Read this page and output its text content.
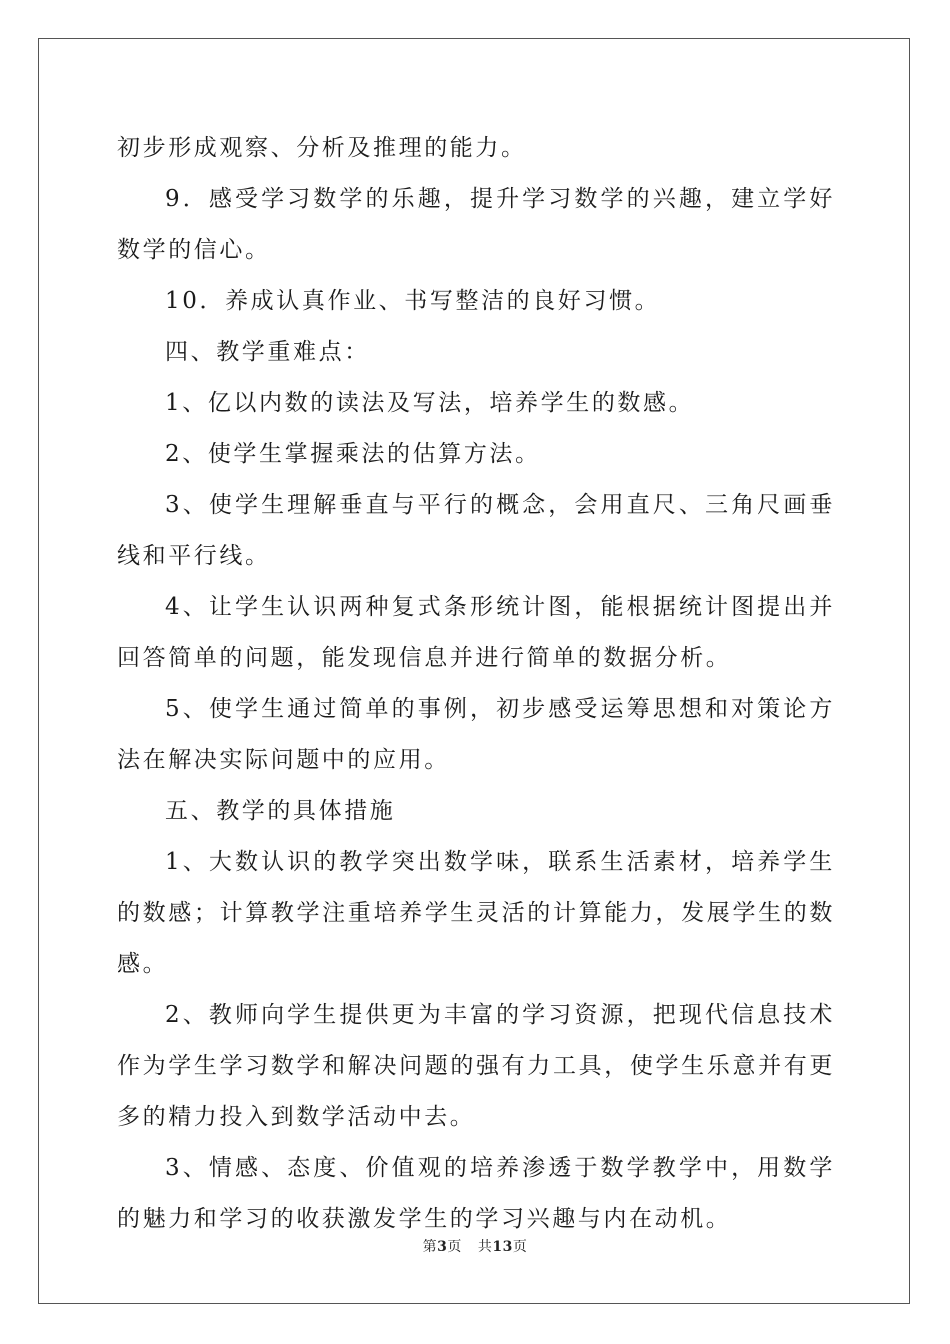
初步形成观察、分析及推理的能力。

9．感受学习数学的乐趣，提升学习数学的兴趣，建立学好数学的信心。

10．养成认真作业、书写整洁的良好习惯。

四、教学重难点：

1、亿以内数的读法及写法，培养学生的数感。

2、使学生掌握乘法的估算方法。

3、使学生理解垂直与平行的概念，会用直尺、三角尺画垂线和平行线。

4、让学生认识两种复式条形统计图，能根据统计图提出并回答简单的问题，能发现信息并进行简单的数据分析。

5、使学生通过简单的事例，初步感受运筹思想和对策论方法在解决实际问题中的应用。

五、教学的具体措施

1、大数认识的教学突出数学味，联系生活素材，培养学生的数感；计算教学注重培养学生灵活的计算能力，发展学生的数感。

2、教师向学生提供更为丰富的学习资源，把现代信息技术作为学生学习数学和解决问题的强有力工具，使学生乐意并有更多的精力投入到数学活动中去。

3、情感、态度、价值观的培养渗透于数学教学中，用数学的魅力和学习的收获激发学生的学习兴趣与内在动机。

第3页 共13页
